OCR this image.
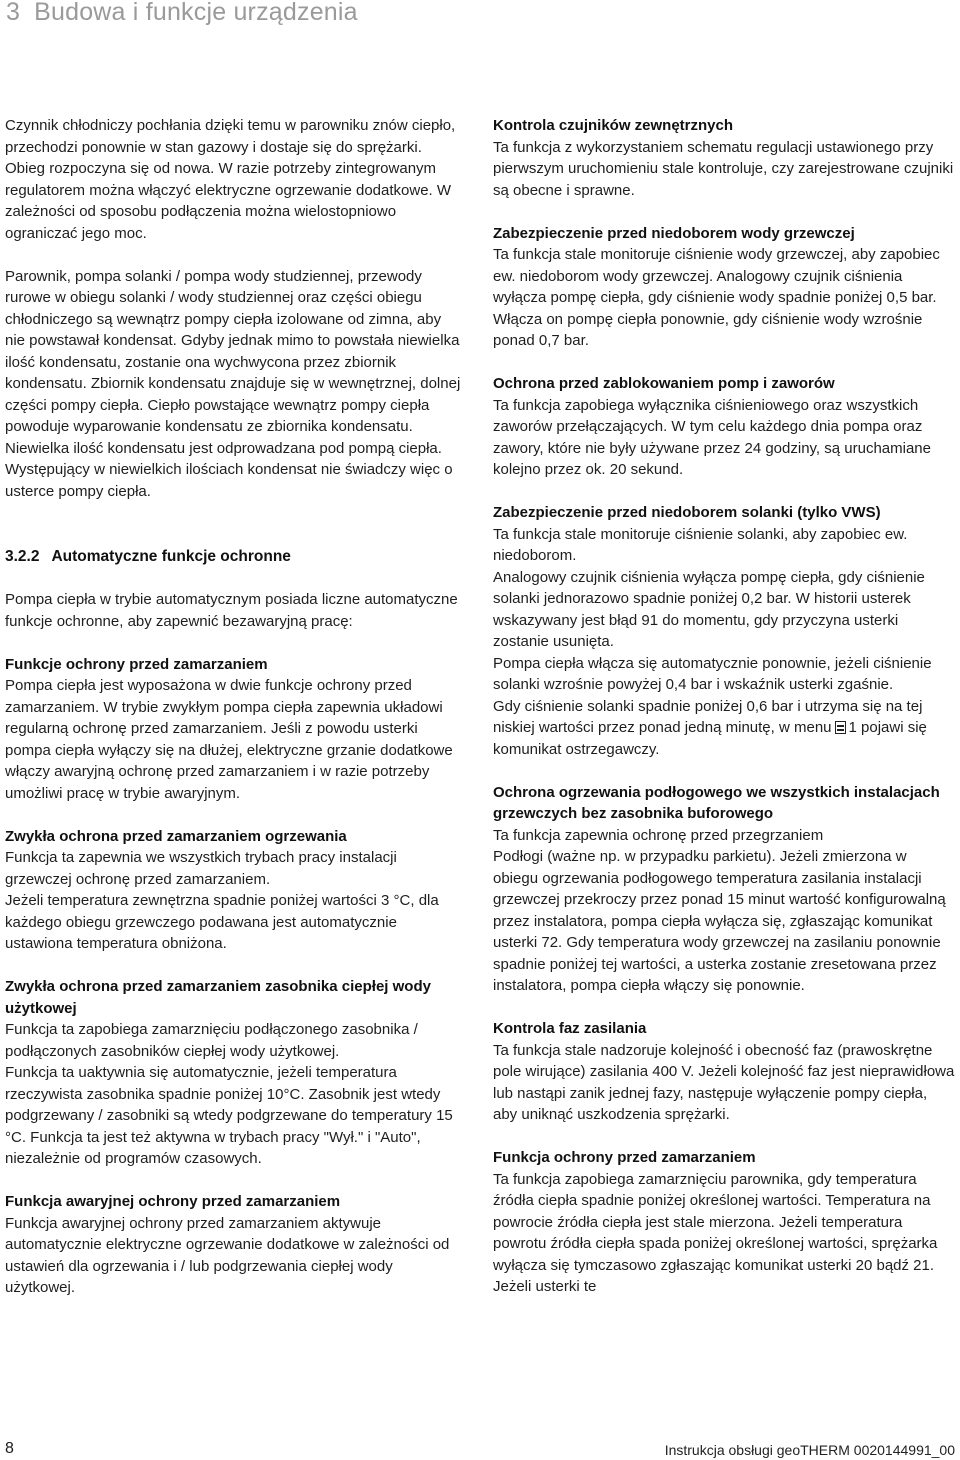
3 Budowa i funkcje urządzenia

Czynnik chłodniczy pochłania dzięki temu w parowniku znów ciepło, przechodzi ponownie w stan gazowy i dostaje się do sprężarki. Obieg rozpoczyna się od nowa. W razie potrzeby zintegrowanym regulatorem można włączyć elektryczne ogrzewanie dodatkowe. W zależności od sposobu podłączenia można wielostopniowo ograniczać jego moc.

Parownik, pompa solanki / pompa wody studziennej, przewody rurowe w obiegu solanki / wody studziennej oraz części obiegu chłodniczego są wewnątrz pompy ciepła izolowane od zimna, aby nie powstawał kondensat. Gdyby jednak mimo to powstała niewielka ilość kondensatu, zostanie ona wychwycona przez zbiornik kondensatu. Zbiornik kondensatu znajduje się w wewnętrznej, dolnej części pompy ciepła. Ciepło powstające wewnątrz pompy ciepła powoduje wyparowanie kondensatu ze zbiornika kondensatu. Niewielka ilość kondensatu jest odprowadzana pod pompą ciepła. Występujący w niewielkich ilościach kondensat nie świadczy więc o usterce pompy ciepła.

3.2.2 Automatyczne funkcje ochronne

Pompa ciepła w trybie automatycznym posiada liczne automatyczne funkcje ochronne, aby zapewnić bezawaryjną pracę:

Funkcje ochrony przed zamarzaniem

Pompa ciepła jest wyposażona w dwie funkcje ochrony przed zamarzaniem. W trybie zwykłym pompa ciepła zapewnia układowi regularną ochronę przed zamarzaniem. Jeśli z powodu usterki pompa ciepła wyłączy się na dłużej, elektryczne grzanie dodatkowe włączy awaryjną ochronę przed zamarzaniem i w razie potrzeby umożliwi pracę w trybie awaryjnym.

Zwykła ochrona przed zamarzaniem ogrzewania

Funkcja ta zapewnia we wszystkich trybach pracy instalacji grzewczej ochronę przed zamarzaniem.

Jeżeli temperatura zewnętrzna spadnie poniżej wartości 3 °C, dla każdego obiegu grzewczego podawana jest automatycznie ustawiona temperatura obniżona.

Zwykła ochrona przed zamarzaniem zasobnika ciepłej wody użytkowej

Funkcja ta zapobiega zamarznięciu podłączonego zasobnika / podłączonych zasobników ciepłej wody użytkowej.

Funkcja ta uaktywnia się automatycznie, jeżeli temperatura rzeczywista zasobnika spadnie poniżej 10°C. Zasobnik jest wtedy podgrzewany / zasobniki są wtedy podgrzewane do temperatury 15 °C. Funkcja ta jest też aktywna w trybach pracy "Wył." i "Auto", niezależnie od programów czasowych.

Funkcja awaryjnej ochrony przed zamarzaniem

Funkcja awaryjnej ochrony przed zamarzaniem aktywuje automatycznie elektryczne ogrzewanie dodatkowe w zależności od ustawień dla ogrzewania i / lub podgrzewania ciepłej wody użytkowej.

Kontrola czujników zewnętrznych

Ta funkcja z wykorzystaniem schematu regulacji ustawionego przy pierwszym uruchomieniu stale kontroluje, czy zarejestrowane czujniki są obecne i sprawne.

Zabezpieczenie przed niedoborem wody grzewczej

Ta funkcja stale monitoruje ciśnienie wody grzewczej, aby zapobiec ew. niedoborom wody grzewczej. Analogowy czujnik ciśnienia wyłącza pompę ciepła, gdy ciśnienie wody spadnie poniżej 0,5 bar. Włącza on pompę ciepła ponownie, gdy ciśnienie wody wzrośnie ponad 0,7 bar.

Ochrona przed zablokowaniem pomp i zaworów

Ta funkcja zapobiega wyłącznika ciśnieniowego oraz wszystkich zaworów przełączających. W tym celu każdego dnia pompa oraz zawory, które nie były używane przez 24 godziny, są uruchamiane kolejno przez ok. 20 sekund.

Zabezpieczenie przed niedoborem solanki (tylko VWS)

Ta funkcja stale monitoruje ciśnienie solanki, aby zapobiec ew. niedoborom.

Analogowy czujnik ciśnienia wyłącza pompę ciepła, gdy ciśnienie solanki jednorazowo spadnie poniżej 0,2 bar. W historii usterek wskazywany jest błąd 91 do momentu, gdy przyczyna usterki zostanie usunięta.

Pompa ciepła włącza się automatycznie ponownie, jeżeli ciśnienie solanki wzrośnie powyżej 0,4 bar i wskaźnik usterki zgaśnie.

Gdy ciśnienie solanki spadnie poniżej 0,6 bar i utrzyma się na tej niskiej wartości przez ponad jedną minutę, w menu 1 pojawi się komunikat ostrzegawczy.

Ochrona ogrzewania podłogowego we wszystkich instalacjach grzewczych bez zasobnika buforowego

Ta funkcja zapewnia ochronę przed przegrzaniem

Podłogi (ważne np. w przypadku parkietu). Jeżeli zmierzona w obiegu ogrzewania podłogowego temperatura zasilania instalacji grzewczej przekroczy przez ponad 15 minut wartość konfigurowalną przez instalatora, pompa ciepła wyłącza się, zgłaszając komunikat usterki 72. Gdy temperatura wody grzewczej na zasilaniu ponownie spadnie poniżej tej wartości, a usterka zostanie zresetowana przez instalatora, pompa ciepła włączy się ponownie.

Kontrola faz zasilania

Ta funkcja stale nadzoruje kolejność i obecność faz (prawoskrętne pole wirujące) zasilania 400 V. Jeżeli kolejność faz jest nieprawidłowa lub nastąpi zanik jednej fazy, następuje wyłączenie pompy ciepła, aby uniknąć uszkodzenia sprężarki.

Funkcja ochrony przed zamarzaniem

Ta funkcja zapobiega zamarznięciu parownika, gdy temperatura źródła ciepła spadnie poniżej określonej wartości. Temperatura na powrocie źródła ciepła jest stale mierzona. Jeżeli temperatura powrotu źródła ciepła spada poniżej określonej wartości, sprężarka wyłącza się tymczasowo zgłaszając komunikat usterki 20 bądź 21. Jeżeli usterki te

8	Instrukcja obsługi geoTHERM 0020144991_00
